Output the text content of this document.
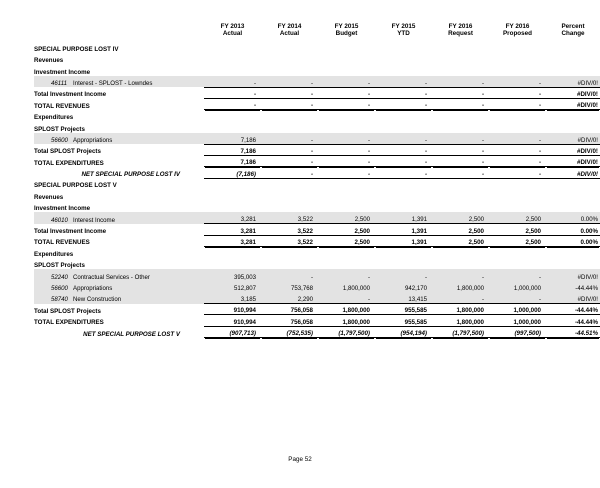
	FY 2013	FY 2014	FY 2015	FY 2015	FY 2016	FY 2016	Percent
	Actual	Actual	Budget	YTD	Request	Proposed	Change
SPECIAL PURPOSE LOST IV							
Revenues							
Investment Income							
46111 Interest - SPLOST - Lowndes	-	-	-	-	-	-	#DIV/0!
Total Investment Income	-	-	-	-	-	-	#DIV/0!
TOTAL REVENUES	-	-	-	-	-	-	#DIV/0!
Expenditures							
SPLOST Projects							
56600 Appropriations	7,186	-	-	-	-	-	#DIV/0!
Total SPLOST Projects	7,186	-	-	-	-	-	#DIV/0!
TOTAL EXPENDITURES	7,186	-	-	-	-	-	#DIV/0!
NET SPECIAL PURPOSE LOST IV	(7,186)	-	-	-	-	-	#DIV/0!
SPECIAL PURPOSE LOST V							
Revenues							
Investment Income							
46010 Interest Income	3,281	3,522	2,500	1,391	2,500	2,500	0.00%
Total Investment Income	3,281	3,522	2,500	1,391	2,500	2,500	0.00%
TOTAL REVENUES	3,281	3,522	2,500	1,391	2,500	2,500	0.00%
Expenditures							
SPLOST Projects							
52240 Contractual Services - Other	395,003	-	-	-	-	-	#DIV/0!
56600 Appropriations	512,807	753,768	1,800,000	942,170	1,800,000	1,000,000	-44.44%
58740 New Construction	3,185	2,290	-	13,415	-	-	#DIV/0!
Total SPLOST Projects	910,994	756,058	1,800,000	955,585	1,800,000	1,000,000	-44.44%
TOTAL EXPENDITURES	910,994	756,058	1,800,000	955,585	1,800,000	1,000,000	-44.44%
NET SPECIAL PURPOSE LOST V	(907,713)	(752,535)	(1,797,500)	(954,194)	(1,797,500)	(997,500)	-44.51%
Page 52
